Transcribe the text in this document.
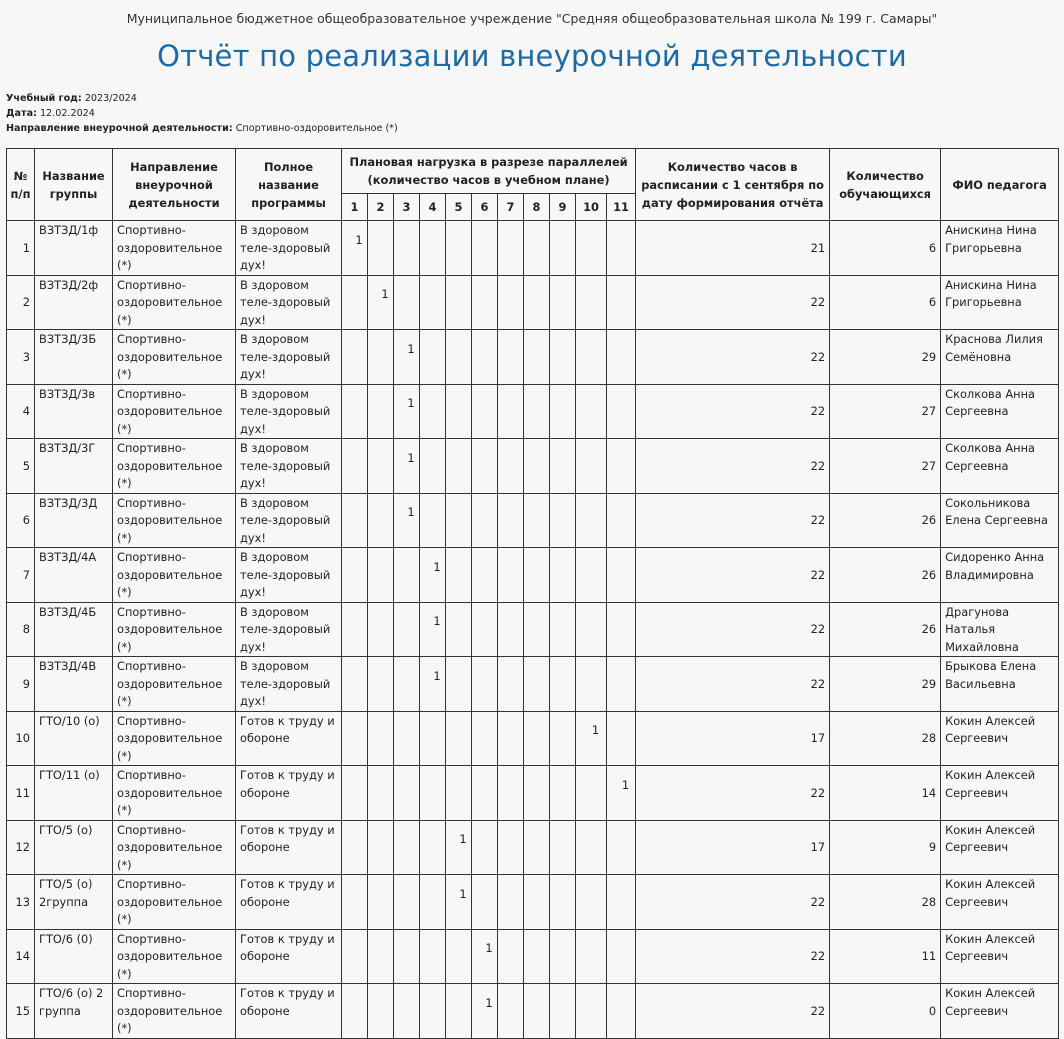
Муниципальное бюджетное общеобразовательное учреждение "Средняя общеобразовательная школа № 199 г. Самары"
Отчёт по реализации внеурочной деятельности
Учебный год: 2023/2024
Дата: 12.02.2024
Направление внеурочной деятельности: Спортивно-оздоровительное (*)
№ п/п	Название группы	Направление внеурочной деятельности	Полное название программы	Плановая нагрузка в разрезе параллелей (количество часов в учебном плане)											Количество часов в расписании с 1 сентября по дату формирования отчёта	Количество обучающихся	ФИО педагога
				1	2	3	4	5	6	7	8	9	10	11			
1	ВЗТЗД/1ф	Спортивно-оздоровительное (*)	В здоровом теле-здоровый дух!	1											21	6	Анискина Нина Григорьевна
2	ВЗТЗД/2ф	Спортивно-оздоровительное (*)	В здоровом теле-здоровый дух!		1										22	6	Анискина Нина Григорьевна
3	ВЗТЗД/3Б	Спортивно-оздоровительное (*)	В здоровом теле-здоровый дух!			1									22	29	Краснова Лилия Семёновна
4	ВЗТЗД/3в	Спортивно-оздоровительное (*)	В здоровом теле-здоровый дух!			1									22	27	Сколкова Анна Сергеевна
5	ВЗТЗД/3Г	Спортивно-оздоровительное (*)	В здоровом теле-здоровый дух!			1									22	27	Сколкова Анна Сергеевна
6	ВЗТЗД/3Д	Спортивно-оздоровительное (*)	В здоровом теле-здоровый дух!			1									22	26	Сокольникова Елена Сергеевна
7	ВЗТЗД/4А	Спортивно-оздоровительное (*)	В здоровом теле-здоровый дух!				1								22	26	Сидоренко Анна Владимировна
8	ВЗТЗД/4Б	Спортивно-оздоровительное (*)	В здоровом теле-здоровый дух!				1								22	26	Драгунова Наталья Михайловна
9	ВЗТЗД/4В	Спортивно-оздоровительное (*)	В здоровом теле-здоровый дух!				1								22	29	Брыкова Елена Васильевна
10	ГТО/10 (о)	Спортивно-оздоровительное (*)	Готов к труду и обороне										1		17	28	Кокин Алексей Сергеевич
11	ГТО/11 (о)	Спортивно-оздоровительное (*)	Готов к труду и обороне											1	22	14	Кокин Алексей Сергеевич
12	ГТО/5 (о)	Спортивно-оздоровительное (*)	Готов к труду и обороне					1							17	9	Кокин Алексей Сергеевич
13	ГТО/5 (о) 2группа	Спортивно-оздоровительное (*)	Готов к труду и обороне					1							22	28	Кокин Алексей Сергеевич
14	ГТО/6 (0)	Спортивно-оздоровительное (*)	Готов к труду и обороне						1						22	11	Кокин Алексей Сергеевич
15	ГТО/6 (о) 2 группа	Спортивно-оздоровительное (*)	Готов к труду и обороне						1						22	0	Кокин Алексей Сергеевич
